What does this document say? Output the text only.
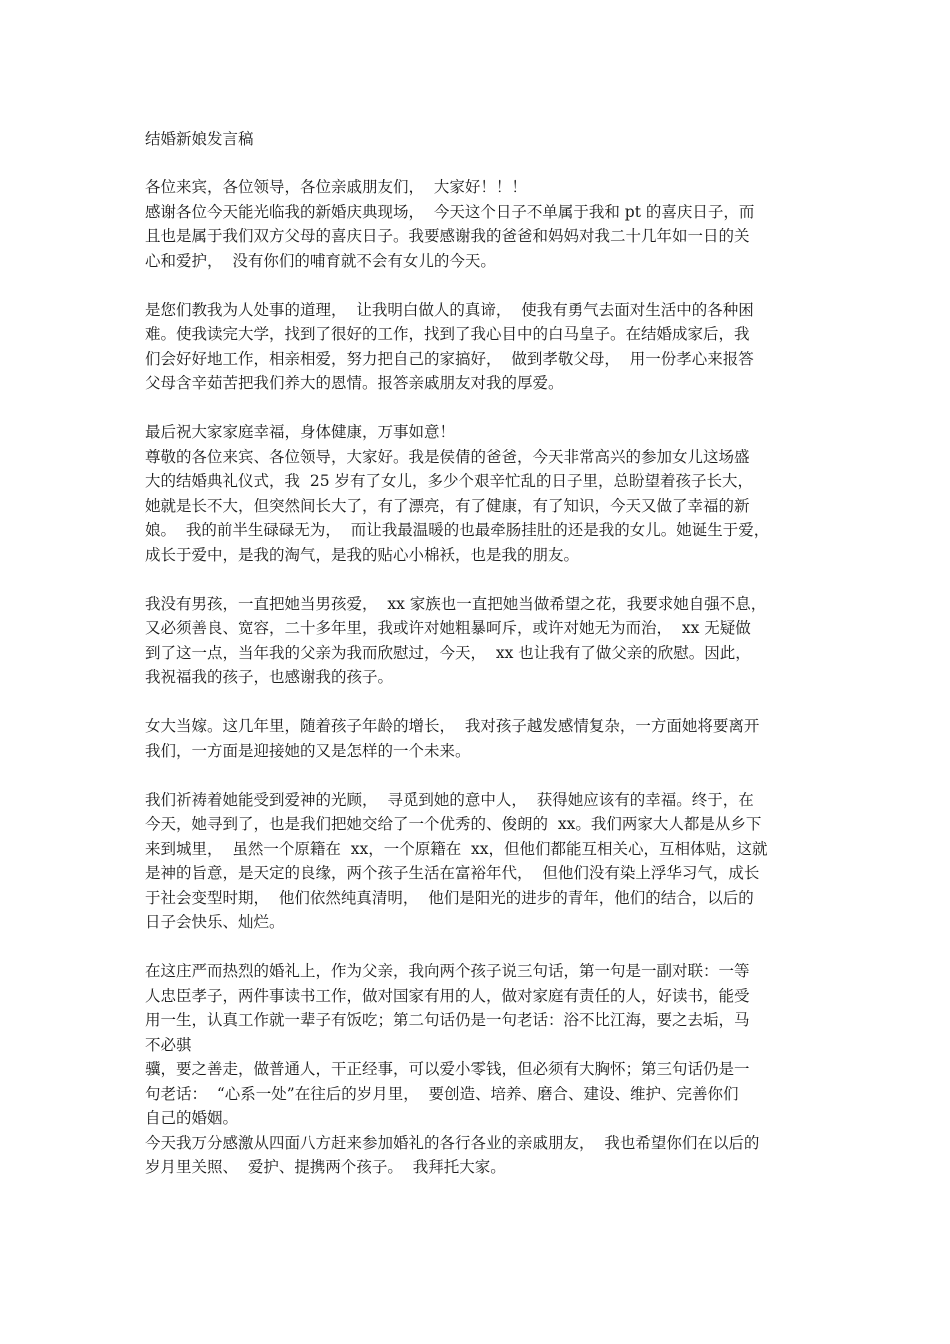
结婚新娘发言稿
各位来宾，各位领导，各位亲戚朋友们，  大家好！！！
感谢各位今天能光临我的新婚庆典现场，  今天这个日子不单属于我和 pt 的喜庆日子，而
且也是属于我们双方父母的喜庆日子。我要感谢我的爸爸和妈妈对我二十几年如一日的关
心和爱护，  没有你们的哺育就不会有女儿的今天。
是您们教我为人处事的道理，  让我明白做人的真谛，  使我有勇气去面对生活中的各种困
难。使我读完大学，找到了很好的工作，找到了我心目中的白马皇子。在结婚成家后，我
们会好好地工作，相亲相爱，努力把自己的家搞好，  做到孝敬父母，  用一份孝心来报答
父母含辛茹苦把我们养大的恩情。报答亲戚朋友对我的厚爱。
最后祝大家家庭幸福，身体健康，万事如意！
尊敬的各位来宾、各位领导，大家好。我是侯倩的爸爸，今天非常高兴的参加女儿这场盛
大的结婚典礼仪式，我  25 岁有了女儿，多少个艰辛忙乱的日子里，总盼望着孩子长大，
她就是长不大，但突然间长大了，有了漂亮，有了健康，有了知识，今天又做了幸福的新
娘。  我的前半生碌碌无为，  而让我最温暖的也最牵肠挂肚的还是我的女儿。她诞生于爱，
成长于爱中，是我的淘气，是我的贴心小棉袄，也是我的朋友。
我没有男孩，一直把她当男孩爱，  xx 家族也一直把她当做希望之花，我要求她自强不息，
又必须善良、宽容，二十多年里，我或许对她粗暴呵斥，或许对她无为而治，  xx 无疑做
到了这一点，当年我的父亲为我而欣慰过，今天，  xx 也让我有了做父亲的欣慰。因此，
我祝福我的孩子，也感谢我的孩子。
女大当嫁。这几年里，随着孩子年龄的增长，  我对孩子越发感情复杂，一方面她将要离开
我们，一方面是迎接她的又是怎样的一个未来。
我们祈祷着她能受到爱神的光顾，  寻觅到她的意中人，  获得她应该有的幸福。终于，在
今天，她寻到了，也是我们把她交给了一个优秀的、俊朗的  xx。我们两家大人都是从乡下
来到城里，  虽然一个原籍在  xx，一个原籍在  xx，但他们都能互相关心，互相体贴，这就
是神的旨意，是天定的良缘，两个孩子生活在富裕年代，  但他们没有染上浮华习气，成长
于社会变型时期，  他们依然纯真清明，  他们是阳光的进步的青年，他们的结合，以后的
日子会快乐、灿烂。
在这庄严而热烈的婚礼上，作为父亲，我向两个孩子说三句话，第一句是一副对联：一等
人忠臣孝子，两件事读书工作，做对国家有用的人，做对家庭有责任的人，好读书，能受
用一生，认真工作就一辈子有饭吃；第二句话仍是一句老话：浴不比江海，要之去垢，马
不必骐
骥，要之善走，做普通人，干正经事，可以爱小零钱，但必须有大胸怀；第三句话仍是一
句老话：  “心系一处”在往后的岁月里，  要创造、培养、磨合、建设、维护、完善你们
自己的婚姻。
今天我万分感激从四面八方赶来参加婚礼的各行各业的亲戚朋友，  我也希望你们在以后的
岁月里关照、  爱护、提携两个孩子。  我拜托大家。
